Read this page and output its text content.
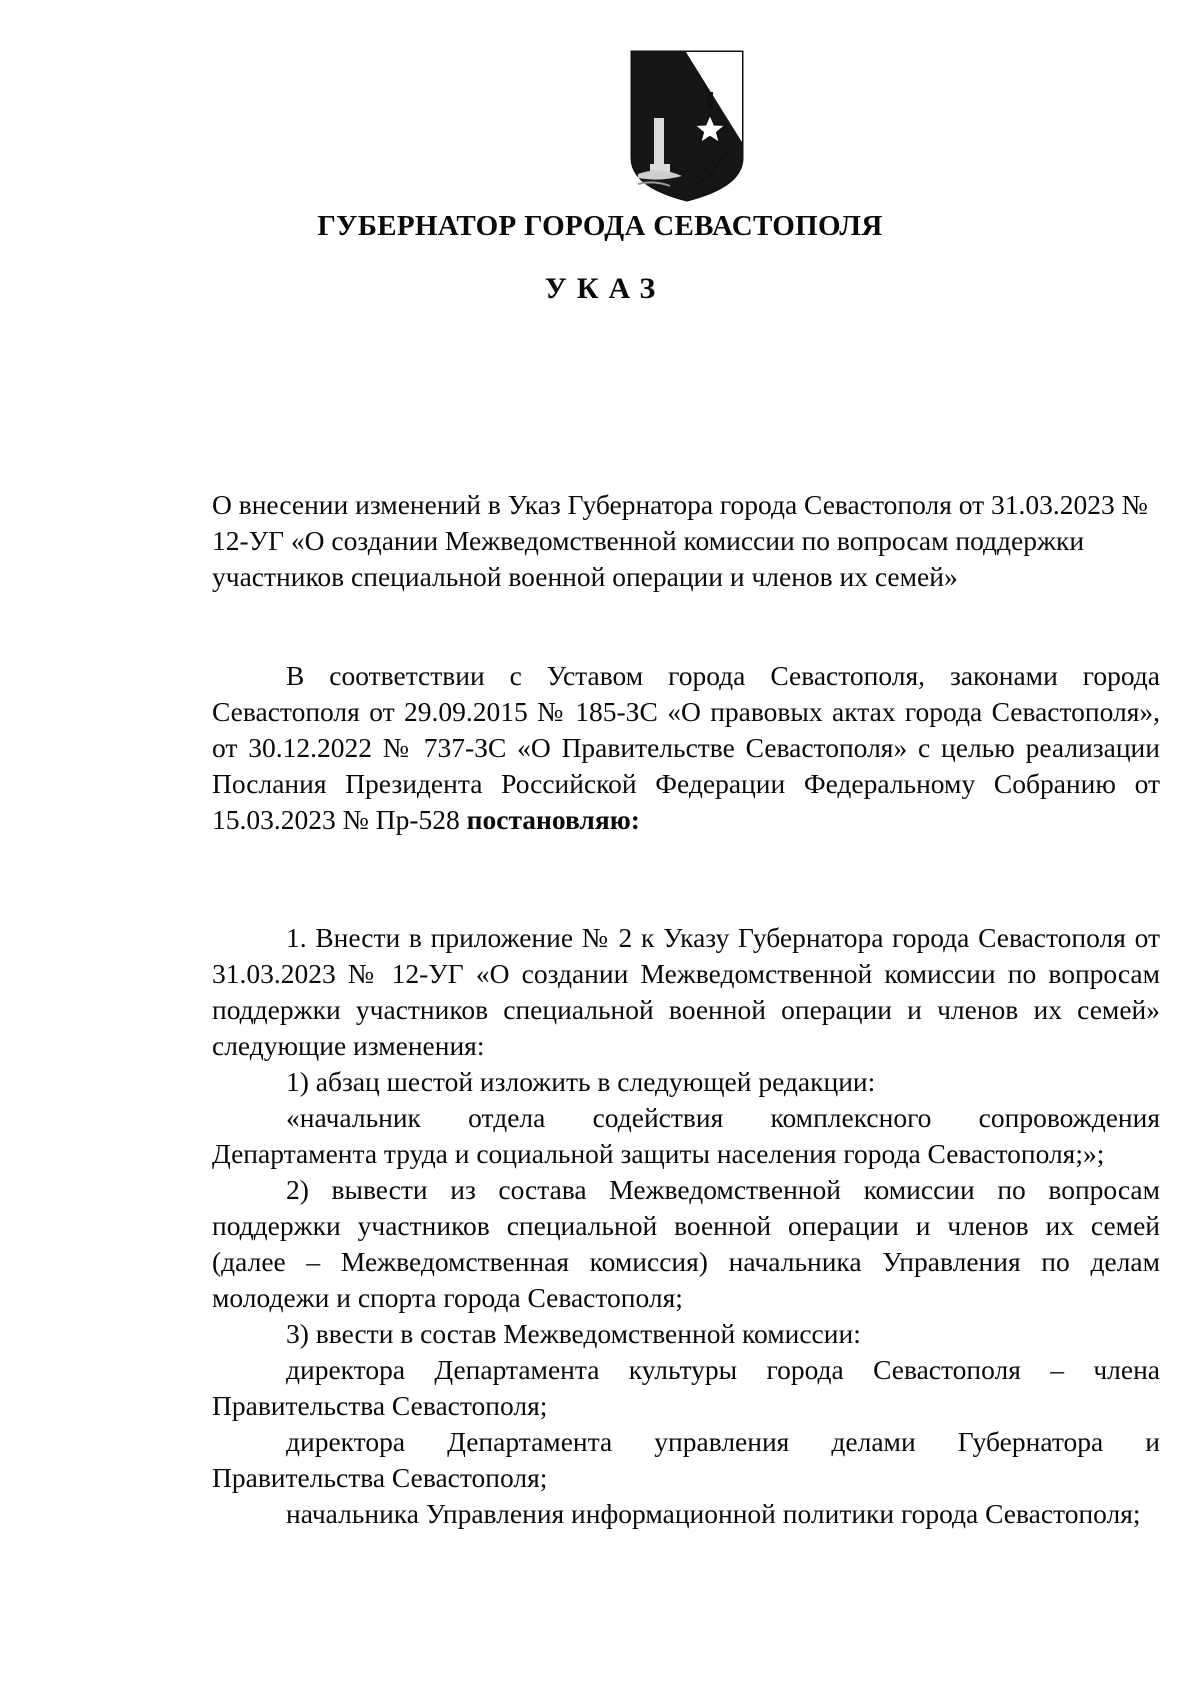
ГУБЕРНАТОР ГОРОДА СЕВАСТОПОЛЯ
УКАЗ
О внесении изменений в Указ Губернатора города Севастополя от 31.03.2023 № 12-УГ «О создании Межведомственной комиссии по вопросам поддержки участников специальной военной операции и членов их семей»

В соответствии с Уставом города Севастополя, законами города Севастополя от 29.09.2015 № 185-ЗС «О правовых актах города Севастополя», от 30.12.2022 № 737-ЗС «О Правительстве Севастополя» с целью реализации Послания Президента Российской Федерации Федеральному Собранию от 15.03.2023 № Пр-528 постановляю:

1. Внести в приложение № 2 к Указу Губернатора города Севастополя от 31.03.2023 № 12-УГ «О создании Межведомственной комиссии по вопросам поддержки участников специальной военной операции и членов их семей» следующие изменения:

1) абзац шестой изложить в следующей редакции:

«начальник отдела содействия комплексного сопровождения Департамента труда и социальной защиты населения города Севастополя;»;

2) вывести из состава Межведомственной комиссии по вопросам поддержки участников специальной военной операции и членов их семей (далее – Межведомственная комиссия) начальника Управления по делам молодежи и спорта города Севастополя;

3) ввести в состав Межведомственной комиссии:

директора Департамента культуры города Севастополя – члена Правительства Севастополя;

директора Департамента управления делами Губернатора и Правительства Севастополя;

начальника Управления информационной политики города Севастополя;
